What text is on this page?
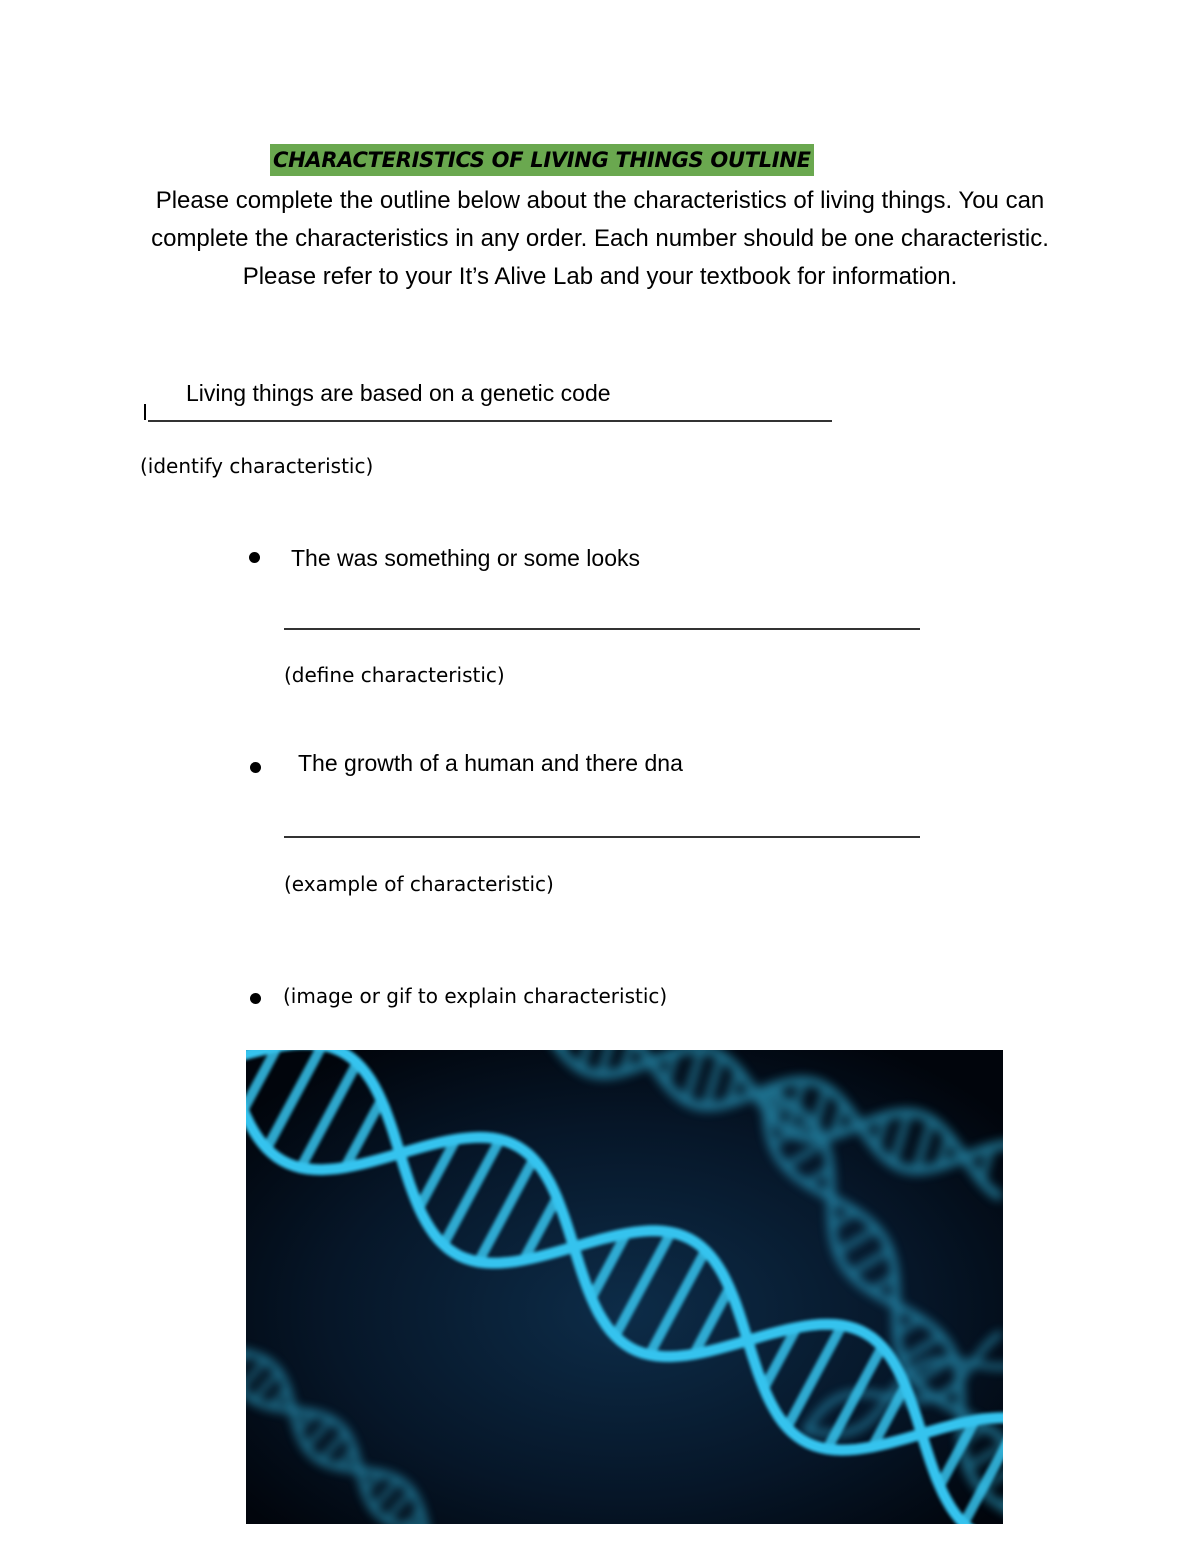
CHARACTERISTICS OF LIVING THINGS OUTLINE
Please complete the outline below about the characteristics of living things. You can complete the characteristics in any order. Each number should be one characteristic. Please refer to your It’s Alive Lab and your textbook for information.
Living things are based on a genetic code
(identify characteristic)
The was something or some looks
(define characteristic)
The growth of a human and there dna
(example of characteristic)
(image or gif to explain characteristic)
